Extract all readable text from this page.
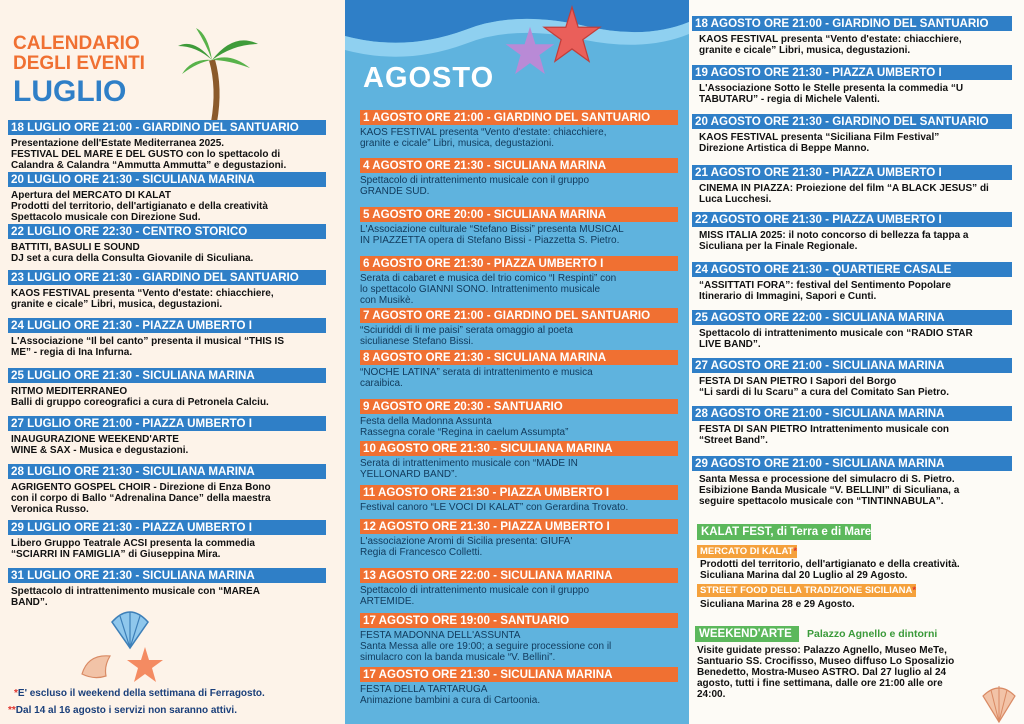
CALENDARIO
DEGLI EVENTI
LUGLIO
18 LUGLIO ORE 21:00 - GIARDINO DEL SANTUARIO
Presentazione dell'Estate Mediterranea 2025.
FESTIVAL DEL MARE E DEL GUSTO con lo spettacolo di
Calandra & Calandra “Ammutta Ammutta” e degustazioni.
20 LUGLIO ORE 21:30 - SICULIANA MARINA
Apertura del MERCATO DI KALAT
Prodotti del territorio, dell'artigianato e della creatività
Spettacolo musicale con Direzione Sud.
22 LUGLIO ORE 22:30 - CENTRO STORICO
BATTITI, BASULI E SOUND
DJ set a cura della Consulta Giovanile di Siculiana.
23 LUGLIO ORE 21:30 - GIARDINO DEL SANTUARIO
KAOS FESTIVAL presenta “Vento d'estate: chiacchiere,
granite e cicale” Libri, musica, degustazioni.
24 LUGLIO ORE 21:30 - PIAZZA UMBERTO I
L'Associazione “Il bel canto” presenta il musical “THIS IS
ME” - regia di Ina Infurna.
25 LUGLIO ORE 21:30 - SICULIANA MARINA
RITMO MEDITERRANEO
Balli di gruppo coreografici a cura di Petronela Calciu.
27 LUGLIO ORE 21:00 - PIAZZA UMBERTO I
INAUGURAZIONE WEEKEND'ARTE
WINE & SAX - Musica e degustazioni.
28 LUGLIO ORE 21:30 - SICULIANA MARINA
AGRIGENTO GOSPEL CHOIR - Direzione di Enza Bono
con il corpo di Ballo “Adrenalina Dance” della maestra
Veronica Russo.
29 LUGLIO ORE 21:30 - PIAZZA UMBERTO I
Libero Gruppo Teatrale ACSI presenta la commedia
“SCIARRI IN FAMIGLIA” di Giuseppina Mira.
31 LUGLIO ORE 21:30 - SICULIANA MARINA
Spettacolo di intrattenimento musicale con “MAREA
BAND”.
*E' escluso il weekend della settimana di Ferragosto.
**Dal 14 al 16 agosto i servizi non saranno attivi.
AGOSTO
1 AGOSTO ORE 21:00 - GIARDINO DEL SANTUARIO
KAOS FESTIVAL presenta “Vento d'estate: chiacchiere,
granite e cicale” Libri, musica, degustazioni.
4 AGOSTO ORE 21:30 - SICULIANA MARINA
Spettacolo di intrattenimento musicale con il gruppo
GRANDE SUD.
5 AGOSTO ORE 20:00 - SICULIANA MARINA
L'Associazione culturale “Stefano Bissi” presenta MUSICAL
IN PIAZZETTA opera di Stefano Bissi - Piazzetta S. Pietro.
6 AGOSTO ORE 21:30 - PIAZZA UMBERTO I
Serata di cabaret e musica del trio comico “I Respinti” con
lo spettacolo GIANNI SONO. Intrattenimento musicale
con Musikè.
7 AGOSTO ORE 21:00 - GIARDINO DEL SANTUARIO
“Sciuriddi di li me paisi” serata omaggio al poeta
siculianese Stefano Bissi.
8 AGOSTO ORE 21:30 - SICULIANA MARINA
“NOCHE LATINA” serata di intrattenimento e musica
caraibica.
9 AGOSTO ORE 20:30 - SANTUARIO
Festa della Madonna Assunta
Rassegna corale “Regina in caelum Assumpta”
10 AGOSTO ORE 21:30 - SICULIANA MARINA
Serata di intrattenimento musicale con “MADE IN
YELLONARD BAND”.
11 AGOSTO ORE 21:30 - PIAZZA UMBERTO I
Festival canoro “LE VOCI DI KALAT” con Gerardina Trovato.
12 AGOSTO ORE 21:30 - PIAZZA UMBERTO I
L'associazione Aromi di Sicilia presenta: GIUFA'
Regia di Francesco Colletti.
13 AGOSTO ORE 22:00 - SICULIANA MARINA
Spettacolo di intrattenimento musicale con il gruppo
ARTEMIDE.
17 AGOSTO ORE 19:00 - SANTUARIO
FESTA MADONNA DELL'ASSUNTA
Santa Messa alle ore 19:00; a seguire processione con il
simulacro con la banda musicale “V. Bellini”.
17 AGOSTO ORE 21:30 - SICULIANA MARINA
FESTA DELLA TARTARUGA
Animazione bambini a cura di Cartoonia.
18 AGOSTO ORE 21:00 - GIARDINO DEL SANTUARIO
KAOS FESTIVAL presenta “Vento d'estate: chiacchiere,
granite e cicale” Libri, musica, degustazioni.
19 AGOSTO ORE 21:30 - PIAZZA UMBERTO I
L'Associazione Sotto le Stelle presenta la commedia “U
TABUTARU” - regia di Michele Valenti.
20 AGOSTO ORE 21:30 - GIARDINO DEL SANTUARIO
KAOS FESTIVAL presenta “Siciliana Film Festival”
Direzione Artistica di Beppe Manno.
21 AGOSTO ORE 21:30 - PIAZZA UMBERTO I
CINEMA IN PIAZZA: Proiezione del film “A BLACK JESUS” di
Luca Lucchesi.
22 AGOSTO ORE 21:30 - PIAZZA UMBERTO I
MISS ITALIA 2025: il noto concorso di bellezza fa tappa a
Siculiana per la Finale Regionale.
24 AGOSTO ORE 21:30 - QUARTIERE CASALE
“ASSITTATI FORA”: festival del Sentimento Popolare
Itinerario di Immagini, Sapori e Cunti.
25 AGOSTO ORE 22:00 - SICULIANA MARINA
Spettacolo di intrattenimento musicale con “RADIO STAR
LIVE BAND”.
27 AGOSTO ORE 21:00 - SICULIANA MARINA
FESTA DI SAN PIETRO I Sapori del Borgo
“Li sardi di lu Scaru” a cura del Comitato San Pietro.
28 AGOSTO ORE 21:00 - SICULIANA MARINA
FESTA DI SAN PIETRO Intrattenimento musicale con
“Street Band”.
29 AGOSTO ORE 21:00 - SICULIANA MARINA
Santa Messa e processione del simulacro di S. Pietro.
Esibizione Banda Musicale “V. BELLINI” di Siculiana, a
seguire spettacolo musicale con “TINTINNABULA”.
KALAT FEST, di Terra e di Mare
MERCATO DI KALAT*
Prodotti del territorio, dell'artigianato e della creatività.
Siculiana Marina dal 20 Luglio al 29 Agosto.
STREET FOOD DELLA TRADIZIONE SICILIANA*
Siculiana Marina 28 e 29 Agosto.
WEEKEND'ARTE	Palazzo Agnello e dintorni
Visite guidate presso: Palazzo Agnello, Museo MeTe,
Santuario SS. Crocifisso, Museo diffuso Lo Sposalizio
Benedetto, Mostra-Museo ASTRO. Dal 27 luglio al 24
agosto, tutti i fine settimana, dalle ore 21:00 alle ore
24:00.
